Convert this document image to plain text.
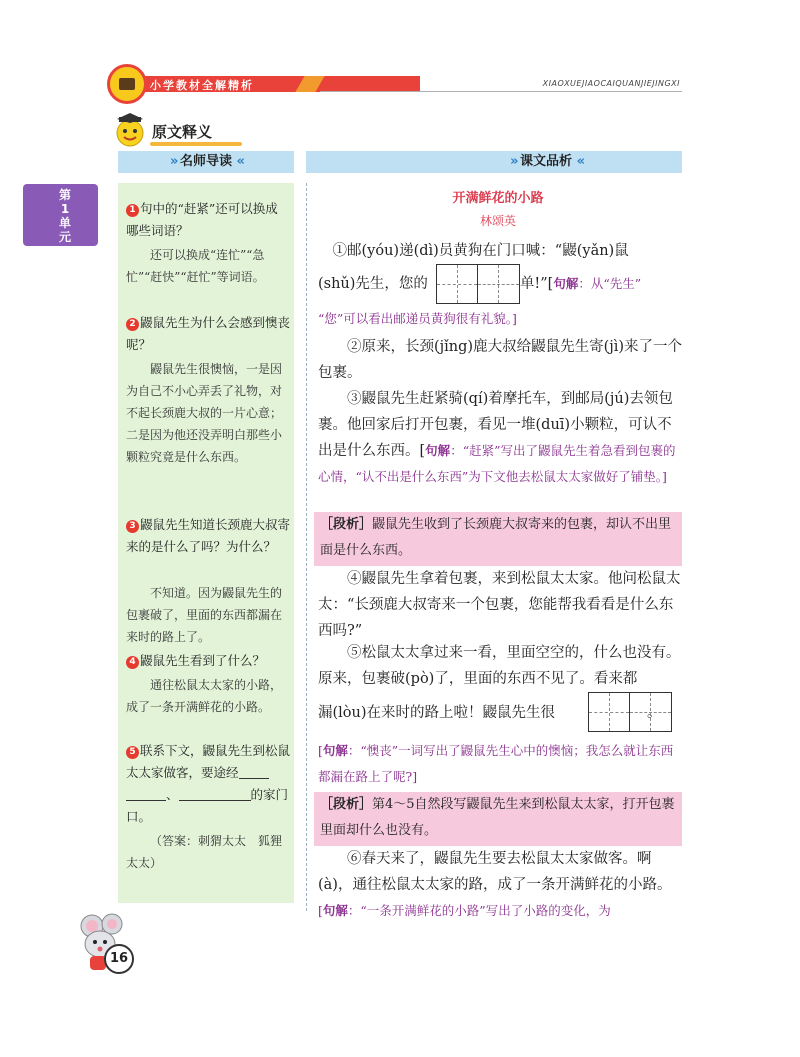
小学教材全解精析	XIAOXUEJIAOCAIQUANJIEJINGXI
原文释义
» 名师导读 «	» 课文品析 «
第1单元
1 句中的“赶紧”还可以换成哪些词语？
还可以换成“连忙”“急忙”“赶快”“赶忙”等词语。
2 鼹鼠先生为什么会感到懊丧呢？
鼹鼠先生很懊恼，一是因为自己不小心弄丢了礼物，对不起长颈鹿大叔的一片心意；二是因为他还没弄明白那些小颗粒究竟是什么东西。
3 鼹鼠先生知道长颈鹿大叔寄来的是什么了吗？为什么？
不知道。因为鼹鼠先生的包裹破了，里面的东西都漏在来时的路上了。
4 鼹鼠先生看到了什么？
通往松鼠太太家的小路，成了一条开满鲜花的小路。
5 联系下文，鼹鼠先生到松鼠太太家做客，要途经
、	的家门口。
（答案：刺猬太太　狐狸太太）
开满鲜花的小路
林颂英
①邮(yóu)递(dì)员黄狗在门口喊：“鼹(yǎn)鼠
(shǔ)先生，您的	单!”[句解：从“先生”
“您”可以看出邮递员黄狗很有礼貌。]
②原来，长颈(jǐng)鹿大叔给鼹鼠先生寄(jì)来了一个包裹。
③鼹鼠先生赶紧骑(qí)着摩托车，到邮局(jú)去领包裹。他回家后打开包裹，看见一堆(duī)小颗粒，可认不出是什么东西。[句解：“赶紧”写出了鼹鼠先生着急看到包裹的心情，“认不出是什么东西”为下文他去松鼠太太家做好了铺垫。]
［段析］鼹鼠先生收到了长颈鹿大叔寄来的包裹，却认不出里面是什么东西。
④鼹鼠先生拿着包裹，来到松鼠太太家。他问松鼠太太：“长颈鹿大叔寄来一个包裹，您能帮我看看是什么东西吗?”
⑤松鼠太太拿过来一看，里面空空的，什么也没有。原来，包裹破(pò)了，里面的东西不见了。看来都
漏(lòu)在来时的路上啦！鼹鼠先生很	。
[句解：“懊丧”一词写出了鼹鼠先生心中的懊恼；我怎么就让东西都漏在路上了呢?]
［段析］第4～5自然段写鼹鼠先生来到松鼠太太家，打开包裹里面却什么也没有。
⑥春天来了，鼹鼠先生要去松鼠太太家做客。啊(à)，通往松鼠太太家的路，成了一条开满鲜花的小路。
[句解：“一条开满鲜花的小路”写出了小路的变化，为
16
